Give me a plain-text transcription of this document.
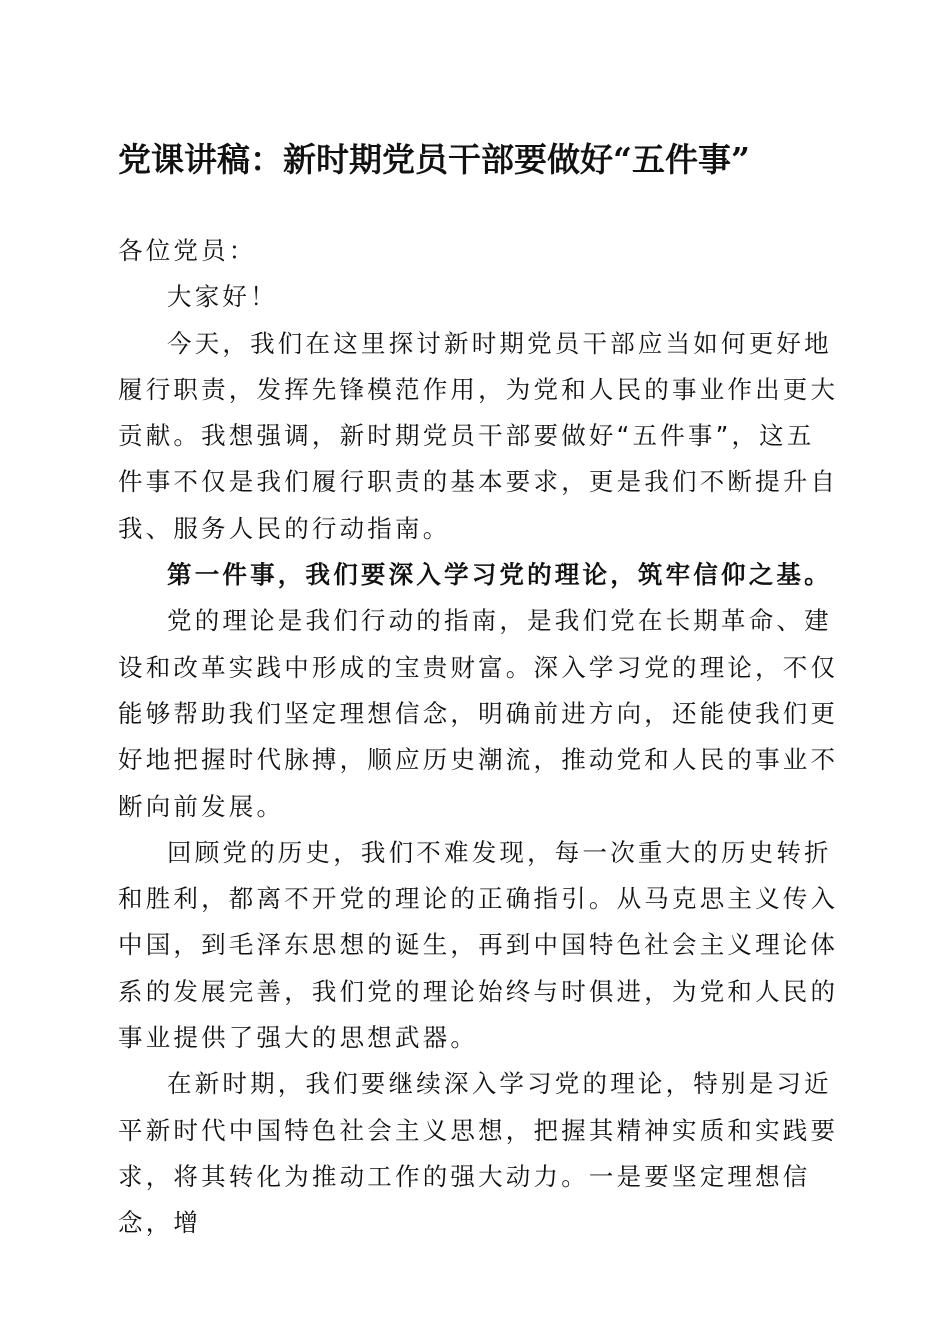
党课讲稿：新时期党员干部要做好“五件事”

各位党员：

大家好！

今天，我们在这里探讨新时期党员干部应当如何更好地履行职责，发挥先锋模范作用，为党和人民的事业作出更大贡献。我想强调，新时期党员干部要做好“五件事”，这五件事不仅是我们履行职责的基本要求，更是我们不断提升自我、服务人民的行动指南。

第一件事，我们要深入学习党的理论，筑牢信仰之基。

党的理论是我们行动的指南，是我们党在长期革命、建设和改革实践中形成的宝贵财富。深入学习党的理论，不仅能够帮助我们坚定理想信念，明确前进方向，还能使我们更好地把握时代脉搏，顺应历史潮流，推动党和人民的事业不断向前发展。

回顾党的历史，我们不难发现，每一次重大的历史转折和胜利，都离不开党的理论的正确指引。从马克思主义传入中国，到毛泽东思想的诞生，再到中国特色社会主义理论体系的发展完善，我们党的理论始终与时俱进，为党和人民的事业提供了强大的思想武器。

在新时期，我们要继续深入学习党的理论，特别是习近平新时代中国特色社会主义思想，把握其精神实质和实践要求，将其转化为推动工作的强大动力。一是要坚定理想信念，增
